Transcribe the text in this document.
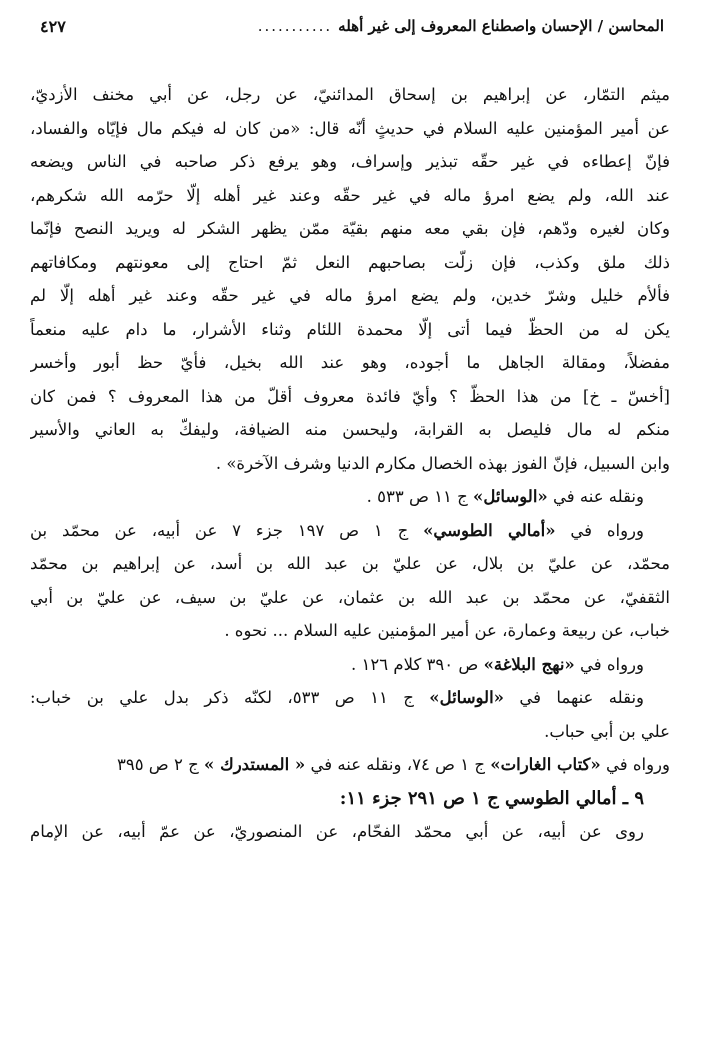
المحاسن / الإحسان واصطناع المعروف إلى غير أهله
...........
٤٢٧
ميثم التمّار، عن إبراهيم بن إسحاق المدائنيّ، عن رجل، عن أبي مخنف الأزديّ،
عن أمير المؤمنين عليه السلام في حديثٍ أنّه قال: «من كان له فيكم مال فإيّاه والفساد،
فإنّ إعطاءه في غير حقّه تبذير وإسراف، وهو يرفع ذكر صاحبه في الناس ويضعه
عند الله، ولم يضع امرؤ ماله في غير حقّه وعند غير أهله إلّا حرّمه الله شكرهم،
وكان لغيره ودّهم، فإن بقي معه منهم بقيّة ممّن يظهر الشكر له ويريد النصح فإنّما
ذلك ملق وكذب، فإن زلّت بصاحبهم النعل ثمّ احتاج إلى معونتهم ومكافاتهم
فألأم خليل وشرّ خدين، ولم يضع امرؤ ماله في غير حقّه وعند غير أهله إلّا لم
يكن له من الحظّ فيما أتى إلّا محمدة اللئام وثناء الأشرار، ما دام عليه منعماً
مفضلاً، ومقالة الجاهل ما أجوده، وهو عند الله بخيل، فأيّ حظ أبور وأخسر
[أخسّ ـ خ] من هذا الحظّ ؟ وأيّ فائدة معروف أقلّ من هذا المعروف ؟ فمن كان
منكم له مال فليصل به القرابة، وليحسن منه الضيافة، وليفكّ به العاني والأسير
وابن السبيل، فإنّ الفوز بهذه الخصال مكارم الدنيا وشرف الآخرة» .
ونقله عنه في «الوسائل» ج ١١ ص ٥٣٣ .
ورواه في «أمالي الطوسي» ج ١ ص ١٩٧ جزء ٧ عن أبيه، عن محمّد بن
محمّد، عن عليّ بن بلال، عن عليّ بن عبد الله بن أسد، عن إبراهيم بن محمّد
الثقفيّ، عن محمّد بن عبد الله بن عثمان، عن عليّ بن سيف، عن عليّ بن أبي
خباب، عن ربيعة وعمارة، عن أمير المؤمنين عليه السلام ... نحوه .
ورواه في «نهج البلاغة» ص ٣٩٠ كلام ١٢٦ .
ونقله عنهما في «الوسائل» ج ١١ ص ٥٣٣، لكنّه ذكر بدل علي بن خباب:
علي بن أبي حباب.
ورواه في «كتاب الغارات» ج ١ ص ٧٤، ونقله عنه في « المستدرك » ج ٢ ص ٣٩٥
٩ ـ أمالي الطوسي ج ١ ص ٢٩١ جزء ١١:
روى عن أبيه، عن أبي محمّد الفحّام، عن المنصوريّ، عن عمّ أبيه، عن الإمام
